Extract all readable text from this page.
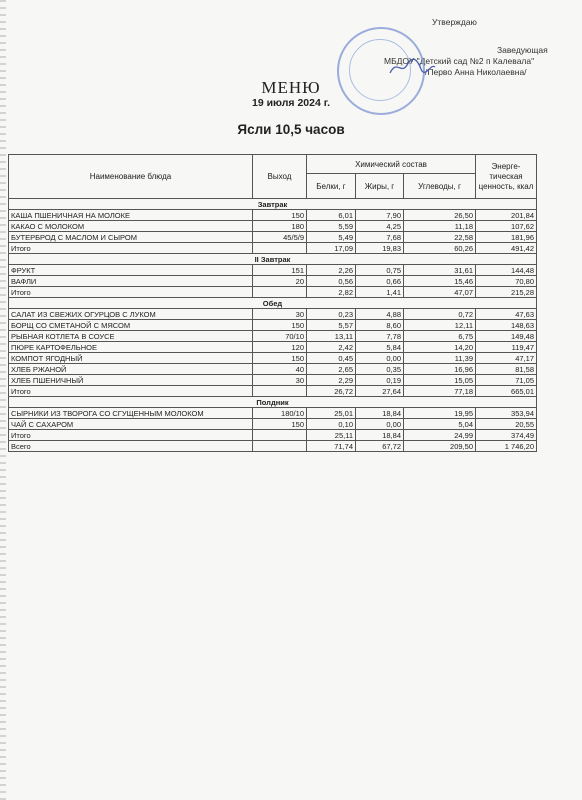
Утверждаю
Заведующая
МБДОУ "Детский сад №2 п Калевала"
/Перво Анна Николаевна/
МЕНЮ
19 июля 2024 г.
Ясли 10,5 часов
Наименование блюда	Выход	Химический состав			Энерге-тическая ценность, ккал
		Белки, г	Жиры, г	Углеводы, г	
Завтрак					
КАША ПШЕНИЧНАЯ НА МОЛОКЕ	150	6,01	7,90	26,50	201,84
КАКАО С МОЛОКОМ	180	5,59	4,25	11,18	107,62
БУТЕРБРОД С МАСЛОМ И СЫРОМ	45/5/9	5,49	7,68	22,58	181,96
Итого		17,09	19,83	60,26	491,42
II Завтрак					
ФРУКТ	151	2,26	0,75	31,61	144,48
ВАФЛИ	20	0,56	0,66	15,46	70,80
Итого		2,82	1,41	47,07	215,28
Обед					
САЛАТ ИЗ СВЕЖИХ ОГУРЦОВ С ЛУКОМ	30	0,23	4,88	0,72	47,63
БОРЩ СО СМЕТАНОЙ С МЯСОМ	150	5,57	8,60	12,11	148,63
РЫБНАЯ КОТЛЕТА В СОУСЕ	70/10	13,11	7,78	6,75	149,48
ПЮРЕ КАРТОФЕЛЬНОЕ	120	2,42	5,84	14,20	119,47
КОМПОТ ЯГОДНЫЙ	150	0,45	0,00	11,39	47,17
ХЛЕБ РЖАНОЙ	40	2,65	0,35	16,96	81,58
ХЛЕБ ПШЕНИЧНЫЙ	30	2,29	0,19	15,05	71,05
Итого		26,72	27,64	77,18	665,01
Полдник					
СЫРНИКИ ИЗ ТВОРОГА СО СГУЩЕННЫМ МОЛОКОМ	180/10	25,01	18,84	19,95	353,94
ЧАЙ С САХАРОМ	150	0,10	0,00	5,04	20,55
Итого		25,11	18,84	24,99	374,49
Всего		71,74	67,72	209,50	1 746,20
